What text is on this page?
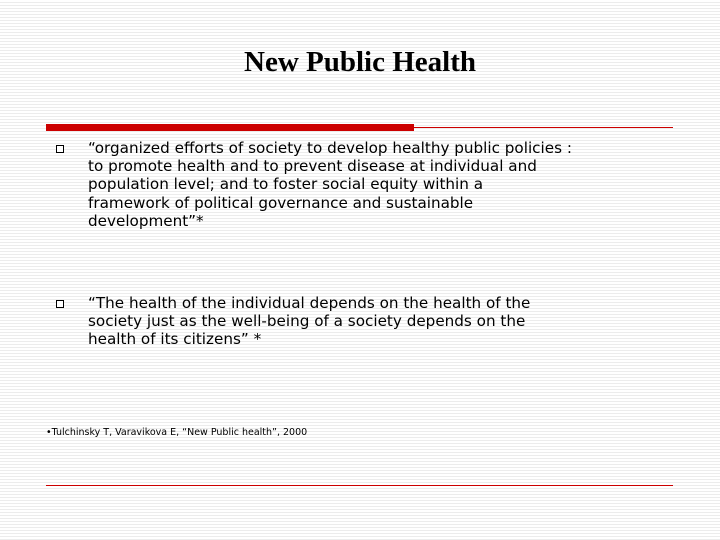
New Public Health

“organized efforts of society to develop healthy public policies :
to promote health and to prevent disease at individual and
population level; and to foster social equity within a
framework of political governance and sustainable
development”*

“The health of the individual depends on the health of the
society just as the well-being of a society depends on the
health of its citizens” *

•Tulchinsky T, Varavikova E, “New Public health”, 2000
